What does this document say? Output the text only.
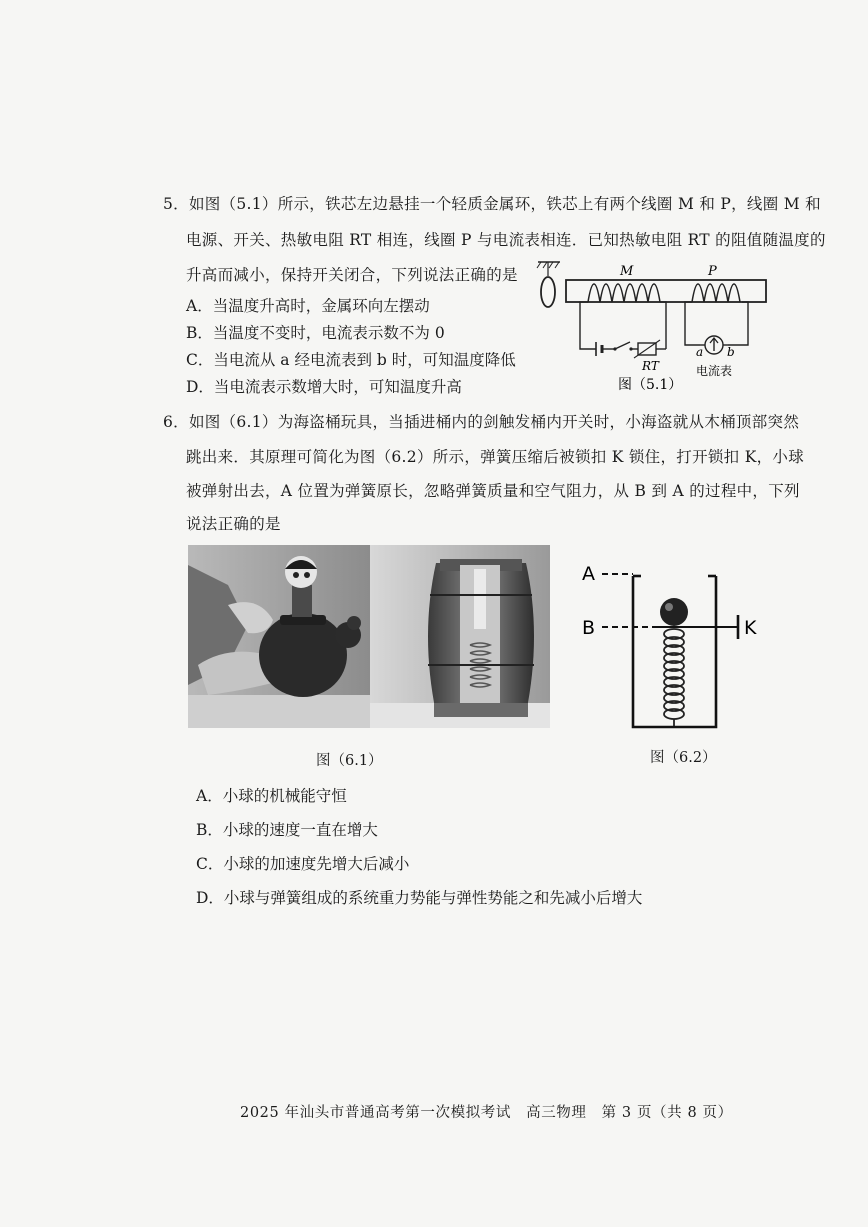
5．如图（5.1）所示，铁芯左边悬挂一个轻质金属环，铁芯上有两个线圈 M 和 P，线圈 M 和
电源、开关、热敏电阻 RT 相连，线圈 P 与电流表相连．已知热敏电阻 RT 的阻值随温度的
升高而减小，保持开关闭合，下列说法正确的是
A．当温度升高时，金属环向左摆动
B．当温度不变时，电流表示数不为 0
C．当电流从 a 经电流表到 b 时，可知温度降低
D．当电流表示数增大时，可知温度升高
M	P
RT
a b
电流表
图（5.1）
6．如图（6.1）为海盗桶玩具，当插进桶内的剑触发桶内开关时，小海盗就从木桶顶部突然
跳出来．其原理可简化为图（6.2）所示，弹簧压缩后被锁扣 K 锁住，打开锁扣 K，小球
被弹射出去，A 位置为弹簧原长，忽略弹簧质量和空气阻力，从 B 到 A 的过程中，下列
说法正确的是
图（6.1）
A
B	K
图（6.2）
A．小球的机械能守恒
B．小球的速度一直在增大
C．小球的加速度先增大后减小
D．小球与弹簧组成的系统重力势能与弹性势能之和先减小后增大
2025 年汕头市普通高考第一次模拟考试　高三物理　第 3 页（共 8 页）
